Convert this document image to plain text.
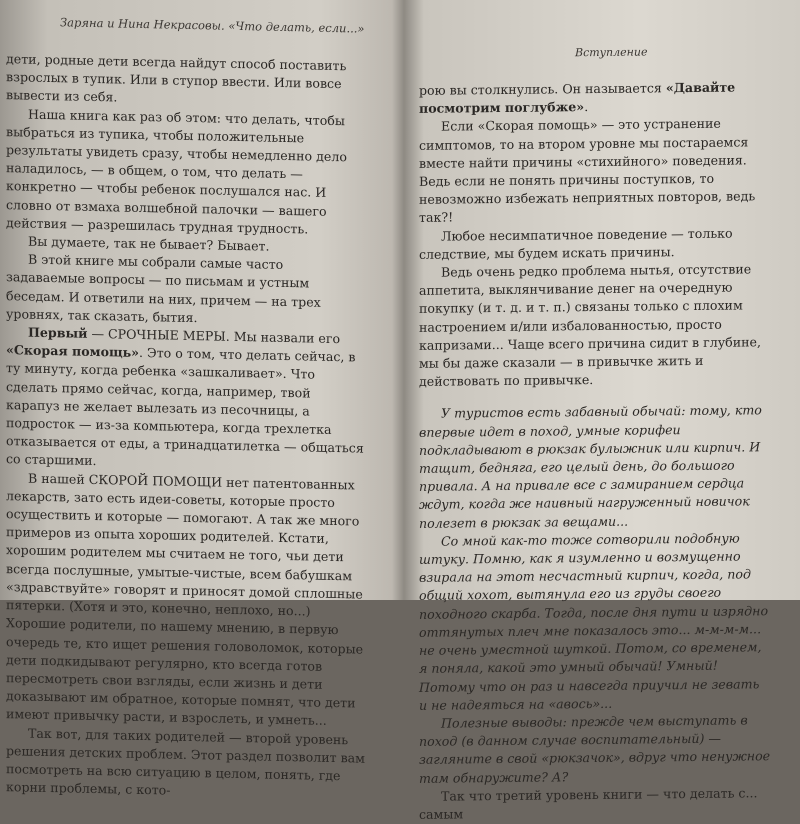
Заряна и Нина Некрасовы. «Что делать, если...»

дети, родные дети всегда найдут способ поставить взрослых в тупик. Или в ступор ввести. Или вовсе вывести из себя.

Наша книга как раз об этом: что делать, чтобы выбраться из тупика, чтобы положительные результаты увидеть сразу, чтобы немедленно дело наладилось, — в общем, о том, что делать — конкретно — чтобы ребенок послушался нас. И словно от взмаха волшебной палочки — вашего действия — разрешилась трудная трудность.

Вы думаете, так не бывает? Бывает.

В этой книге мы собрали самые часто задаваемые вопросы — по письмам и устным беседам. И ответили на них, причем — на трех уровнях, так сказать, бытия.

Первый — СРОЧНЫЕ МЕРЫ. Мы назвали его «Скорая помощь». Это о том, что делать сейчас, в ту минуту, когда ребенка «зашкаливает». Что сделать прямо сейчас, когда, например, твой карапуз не желает вылезать из песочницы, а подросток — из-за компьютера, когда трехлетка отказывается от еды, а тринадцатилетка — общаться со старшими.

В нашей СКОРОЙ ПОМОЩИ нет патентованных лекарств, зато есть идеи-советы, которые просто осуществить и которые — помогают. А так же много примеров из опыта хороших родителей. Кстати, хорошим родителем мы считаем не того, чьи дети всегда послушные, умытые-чистые, всем бабушкам «здравствуйте» говорят и приносят домой сплошные пятерки. (Хотя и это, конечно, неплохо, но...) Хорошие родители, по нашему мнению, в первую очередь те, кто ищет решения головоломок, которые дети подкидывают регулярно, кто всегда готов пересмотреть свои взгляды, если жизнь и дети доказывают им обратное, которые помнят, что дети имеют привычку расти, и взрослеть, и умнеть...

Так вот, для таких родителей — второй уровень решения детских проблем. Этот раздел позволит вам посмотреть на всю ситуацию в целом, понять, где корни проблемы, с кото-

Вступление

рою вы столкнулись. Он называется «Давайте посмотрим поглубже».

Если «Скорая помощь» — это устранение симптомов, то на втором уровне мы постараемся вместе найти причины «стихийного» поведения. Ведь если не понять причины поступков, то невозможно избежать неприятных повторов, ведь так?!

Любое несимпатичное поведение — только следствие, мы будем искать причины.

Ведь очень редко проблема нытья, отсутствие аппетита, выклянчивание денег на очередную покупку (и т. д. и т. п.) связаны только с плохим настроением и/или избалованностью, просто капризами... Чаще всего причина сидит в глубине, мы бы даже сказали — в привычке жить и действовать по привычке.

У туристов есть забавный обычай: тому, кто впервые идет в поход, умные корифеи подкладывают в рюкзак булыжник или кирпич. И тащит, бедняга, его целый день, до большого привала. А на привале все с замиранием сердца ждут, когда же наивный нагруженный новичок полезет в рюкзак за вещами...

Со мной как-то тоже сотворили подобную штуку. Помню, как я изумленно и возмущенно взирала на этот несчастный кирпич, когда, под общий хохот, вытянула его из груды своего походного скарба. Тогда, после дня пути и изрядно оттянутых плеч мне показалось это... м-м-м-м... не очень уместной шуткой. Потом, со временем, я поняла, какой это умный обычай! Умный! Потому что он раз и навсегда приучил не зевать и не надеяться на «авось»...

Полезные выводы: прежде чем выступать в поход (в данном случае воспитательный) — загляните в свой «рюкзачок», вдруг что ненужное там обнаружите? А?

Так что третий уровень книги — что делать с... самым
